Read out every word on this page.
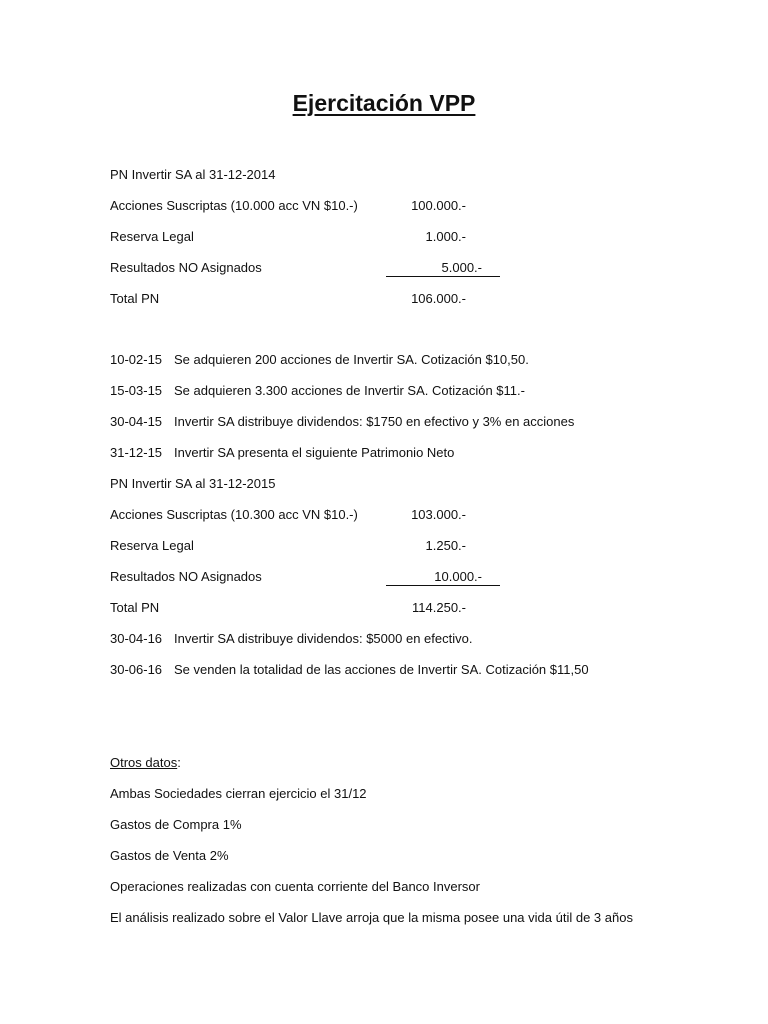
Ejercitación VPP
PN Invertir SA al 31-12-2014
Acciones Suscriptas (10.000 acc VN $10.-)	100.000.-
Reserva Legal	1.000.-
Resultados NO Asignados	5.000.-
Total PN	106.000.-
10-02-15 Se adquieren 200 acciones de Invertir SA. Cotización $10,50.
15-03-15 Se adquieren 3.300 acciones de Invertir SA. Cotización $11.-
30-04-15 Invertir SA distribuye dividendos: $1750 en efectivo y 3% en acciones
31-12-15 Invertir SA presenta el siguiente Patrimonio Neto
PN Invertir SA al 31-12-2015
Acciones Suscriptas (10.300 acc VN $10.-)	103.000.-
Reserva Legal	1.250.-
Resultados NO Asignados	10.000.-
Total PN	114.250.-
30-04-16 Invertir SA distribuye dividendos: $5000 en efectivo.
30-06-16 Se venden la totalidad de las acciones de Invertir SA. Cotización $11,50
Otros datos:
Ambas Sociedades cierran ejercicio el 31/12
Gastos de Compra 1%
Gastos de Venta 2%
Operaciones realizadas con cuenta corriente del Banco Inversor
El análisis realizado sobre el Valor Llave arroja que la misma posee una vida útil de 3 años
